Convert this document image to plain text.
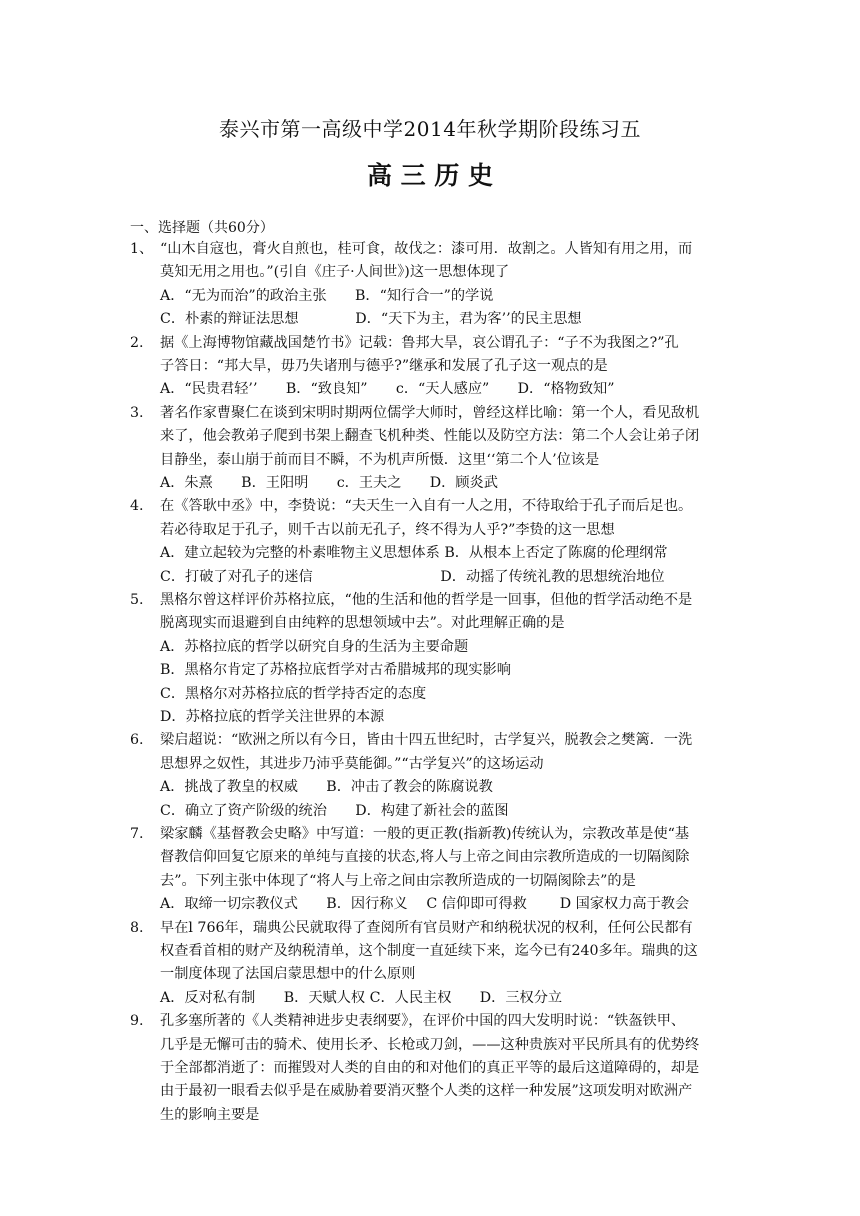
泰兴市第一高级中学2014年秋学期阶段练习五
高 三 历 史
一、选择题（共60分）
1、 “山木自寇也，膏火自煎也，桂可食，故伐之：漆可用．故割之。人皆知有用之用，而
莫知无用之用也。”(引自《庄子·人间世》)这一思想体现了
A．“无为而治”的政治主张　　B．“知行合一”的学说
C．朴素的辩证法思想　　　　D．“天下为主，君为客’’的民主思想
2. 据《上海博物馆藏战国楚竹书》记载：鲁邦大旱，哀公谓孔子：“子不为我图之?”孔
子答日：“邦大旱，毋乃失诸刑与德乎?”继承和发展了孔子这一观点的是
A．“民贵君轻’’　　B．“致良知”　　c．“天人感应”　　D．“格物致知”
3. 著名作家曹聚仁在谈到宋明时期两位儒学大师时，曾经这样比喻：第一个人，看见敌机
来了，他会教弟子爬到书架上翻查飞机种类、性能以及防空方法：第二个人会让弟子闭
目静坐，泰山崩于前而目不瞬，不为机声所慑．这里‘‘第二个人’位该是
A．朱熹　　B．王阳明　　c．王夫之　　D．顾炎武
4. 在《答耿中丞》中，李贽说：“夫天生一入自有一人之用，不待取给于孔子而后足也。
若必待取足于孔子，则千古以前无孔子，终不得为人乎?”李贽的这一思想
A．建立起较为完整的朴素唯物主义思想体系 B．从根本上否定了陈腐的伦理纲常
C．打破了对孔子的迷信　　　　　　　　　D．动摇了传统礼教的思想统治地位
5. 黑格尔曾这样评价苏格拉底，“他的生活和他的哲学是一回事，但他的哲学活动绝不是
脱离现实而退避到自由纯粹的思想领域中去”。对此理解正确的是
A．苏格拉底的哲学以研究自身的生活为主要命题
B．黑格尔肯定了苏格拉底哲学对古希腊城邦的现实影响
C．黑格尔对苏格拉底的哲学持否定的态度
D．苏格拉底的哲学关注世界的本源
6. 梁启超说：“欧洲之所以有今日，皆由十四五世纪时，古学复兴，脱教会之樊篱．一洗
思想界之奴性，其进步乃沛乎莫能御。”“古学复兴”的这场运动
A．挑战了教皇的权威　　B．冲击了教会的陈腐说教
C．确立了资产阶级的统治　　D．构建了新社会的蓝图
7. 梁家麟《基督教会史略》中写道：一般的更正教(指新教)传统认为，宗教改革是使“基
督教信仰回复它原来的单纯与直接的状态,将人与上帝之间由宗教所造成的一切隔阂除
去”。下列主张中体现了“将人与上帝之间由宗教所造成的一切隔阂除去”的是
A．取缔一切宗教仪式　　B．因行称义　 C 信仰即可得救　　 D 国家权力高于教会
8. 早在l 766年，瑞典公民就取得了查阅所有官员财产和纳税状况的权利，任何公民都有
权查看首相的财产及纳税清单，这个制度一直延续下来，迄今已有240多年。瑞典的这
一制度体现了法国启蒙思想中的什么原则
A．反对私有制　　B．天赋人权 C．人民主权　　D．三权分立
9. 孔多塞所著的《人类精神进步史表纲要》，在评价中国的四大发明时说：“铁盔铁甲、
几乎是无懈可击的骑术、使用长矛、长枪或刀剑，——这种贵族对平民所具有的优势终
于全部都消逝了：而摧毁对人类的自由的和对他们的真正平等的最后这道障碍的，却是
由于最初一眼看去似乎是在威胁着要消灭整个人类的这样一种发展”这项发明对欧洲产
生的影响主要是
